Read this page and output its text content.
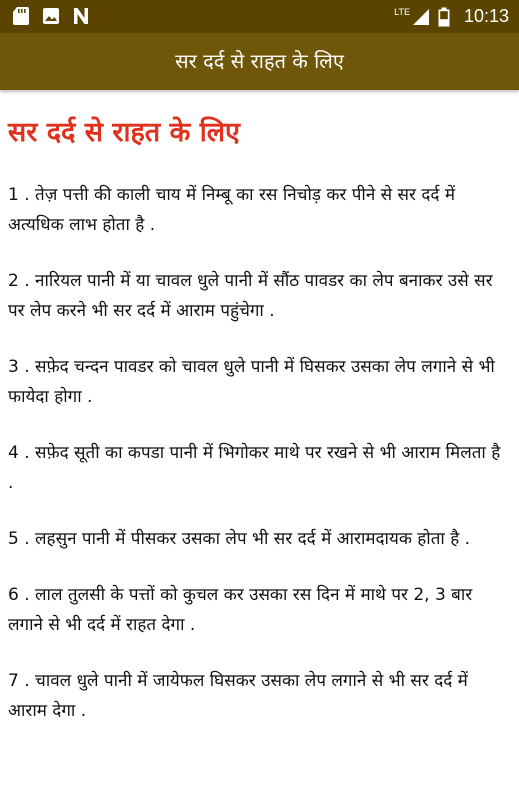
LTE	10:13
सर दर्द से राहत के लिए
सर दर्द से राहत के लिए

1 . तेज़ पत्ती की काली चाय में निम्बू का रस निचोड़ कर पीने से सर दर्द में अत्यधिक लाभ होता है .

2 . नारियल पानी में या चावल धुले पानी में सौंठ पावडर का लेप बनाकर उसे सर पर लेप करने भी सर दर्द में आराम पहुंचेगा .

3 . सफ़ेद चन्दन पावडर को चावल धुले पानी में घिसकर उसका लेप लगाने से भी फायेदा होगा .

4 . सफ़ेद सूती का कपडा पानी में भिगोकर माथे पर रखने से भी आराम मिलता है .

5 . लहसुन पानी में पीसकर उसका लेप भी सर दर्द में आरामदायक होता है .

6 . लाल तुलसी के पत्तों को कुचल कर उसका रस दिन में माथे पर 2, 3 बार लगाने से भी दर्द में राहत देगा .

7 . चावल धुले पानी में जायेफल घिसकर उसका लेप लगाने से भी सर दर्द में आराम देगा .
